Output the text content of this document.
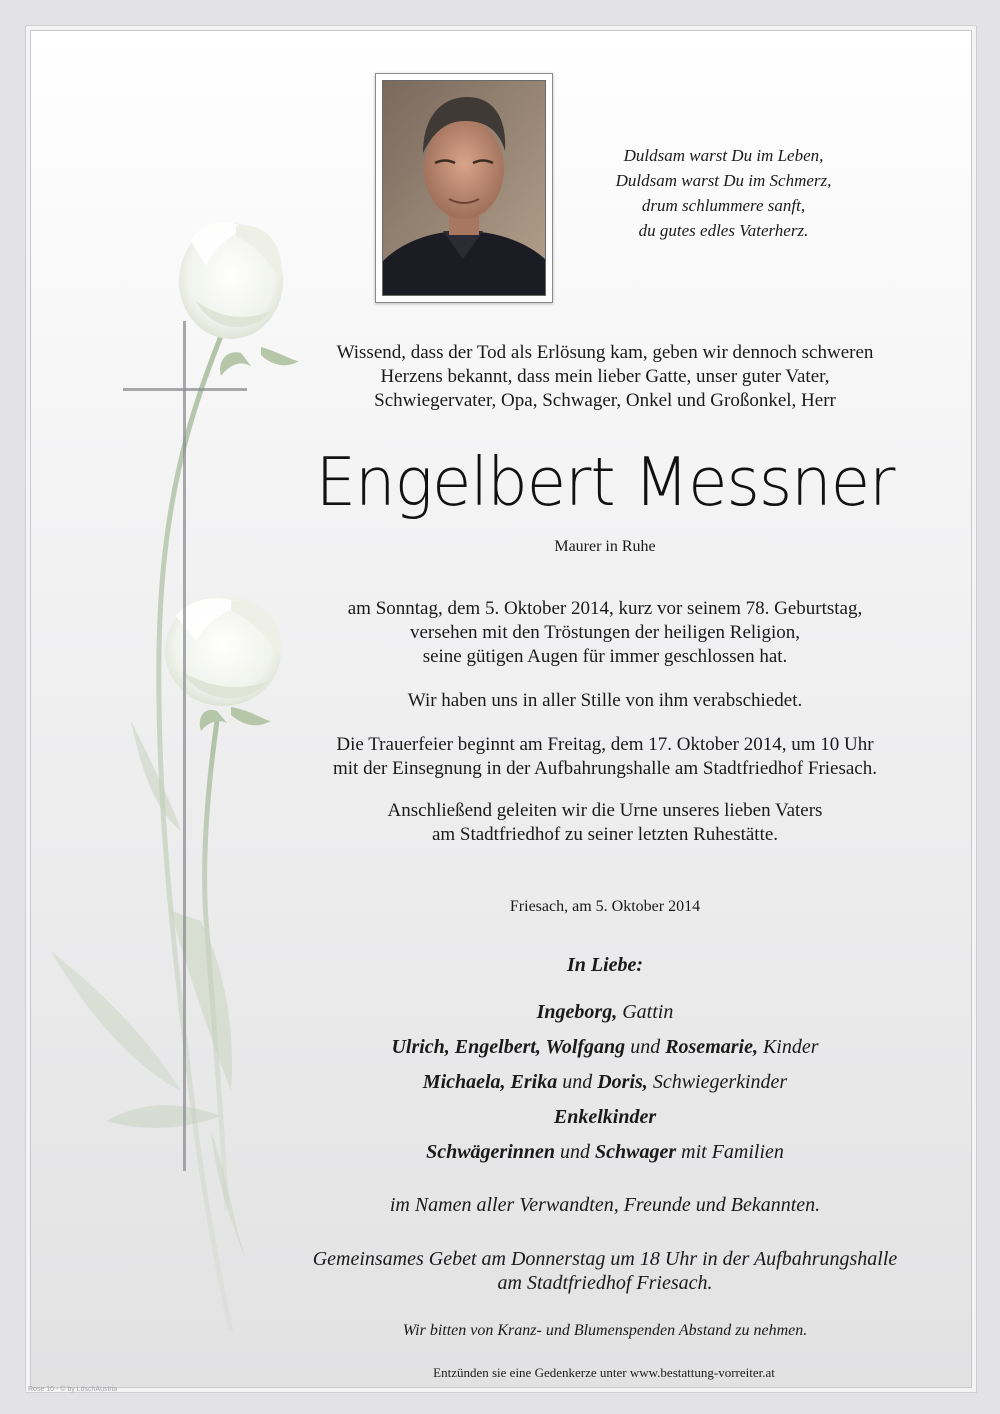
Duldsam warst Du im Leben,
Duldsam warst Du im Schmerz,
drum schlummere sanft,
du gutes edles Vaterherz.
Wissend, dass der Tod als Erlösung kam, geben wir dennoch schweren
Herzens bekannt, dass mein lieber Gatte, unser guter Vater,
Schwiegervater, Opa, Schwager, Onkel und Großonkel, Herr
Engelbert Messner
Maurer in Ruhe
am Sonntag, dem 5. Oktober 2014, kurz vor seinem 78. Geburtstag,
versehen mit den Tröstungen der heiligen Religion,
seine gütigen Augen für immer geschlossen hat.
Wir haben uns in aller Stille von ihm verabschiedet.
Die Trauerfeier beginnt am Freitag, dem 17. Oktober 2014, um 10 Uhr
mit der Einsegnung in der Aufbahrungshalle am Stadtfriedhof Friesach.
Anschließend geleiten wir die Urne unseres lieben Vaters
am Stadtfriedhof zu seiner letzten Ruhestätte.
Friesach, am 5. Oktober 2014
In Liebe:
Ingeborg, Gattin
Ulrich, Engelbert, Wolfgang und Rosemarie, Kinder
Michaela, Erika und Doris, Schwiegerkinder
Enkelkinder
Schwägerinnen und Schwager mit Familien
im Namen aller Verwandten, Freunde und Bekannten.
Gemeinsames Gebet am Donnerstag um 18 Uhr in der Aufbahrungshalle
am Stadtfriedhof Friesach.
Wir bitten von Kranz- und Blumenspenden Abstand zu nehmen.
Entzünden sie eine Gedenkerze unter www.bestattung-vorreiter.at
Rose 10 - © by LöschAustria
